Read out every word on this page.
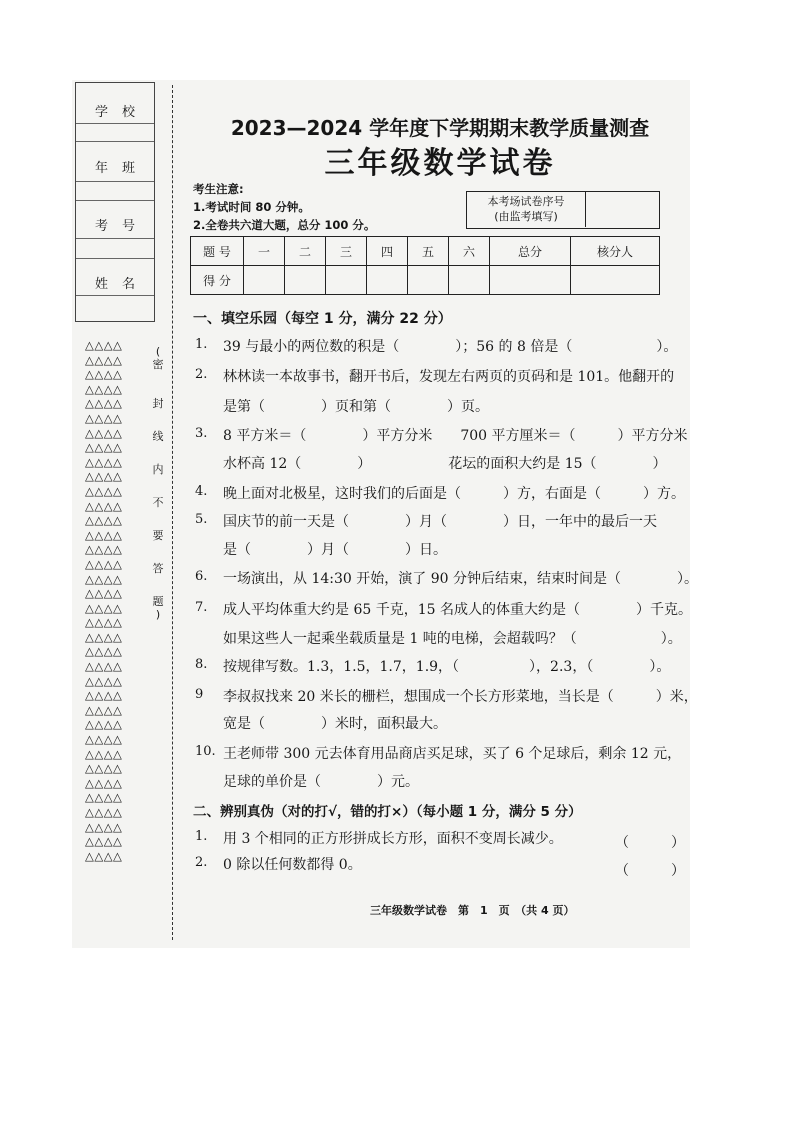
学校
年班
考号
姓名
△△△△
△△△△
△△△△
△△△△
△△△△
△△△△
△△△△
△△△△
△△△△
△△△△
△△△△
△△△△
△△△△
△△△△
△△△△
△△△△
△△△△
△△△△
△△△△
△△△△
△△△△
△△△△
△△△△
△△△△
△△△△
△△△△
△△△△
△△△△
△△△△
△△△△
△△△△
△△△△
△△△△
△△△△
△△△△
△△△△
(
密
封
线
内
不
要
答
题
)
2023—2024 学年度下学期期末教学质量测查
三年级数学试卷
考生注意:
1.考试时间 80 分钟。
2.全卷共六道大题，总分 100 分。
本考场试卷序号
(由监考填写)
题 号	一	二	三	四	五	六	总分	核分人
得 分								
一、填空乐园（每空 1 分，满分 22 分）
1. 39 与最小的两位数的积是（　　　　）；56 的 8 倍是（　　　　　　）。
2. 林林读一本故事书，翻开书后，发现左右两页的页码和是 101。他翻开的
是第（　　　　）页和第（　　　　）页。
3. 8 平方米＝（　　　　）平方分米　　700 平方厘米＝（　　　）平方分米
水杯高 12（　　　　）　　　　　　花坛的面积大约是 15（　　　　）
4. 晚上面对北极星，这时我们的后面是（　　　）方，右面是（　　　）方。
5. 国庆节的前一天是（　　　　）月（　　　　）日，一年中的最后一天
是（　　　　）月（　　　　）日。
6. 一场演出，从 14:30 开始，演了 90 分钟后结束，结束时间是（　　　　）。
7. 成人平均体重大约是 65 千克，15 名成人的体重大约是（　　　　）千克。
如果这些人一起乘坐载质量是 1 吨的电梯，会超载吗？（　　　　　　）。
8. 按规律写数。1.3，1.5，1.7，1.9，（　　　　　），2.3，（　　　　）。
9 李叔叔找来 20 米长的栅栏，想围成一个长方形菜地，当长是（　　　）米，
宽是（　　　　）米时，面积最大。
10. 王老师带 300 元去体育用品商店买足球，买了 6 个足球后，剩余 12 元，
足球的单价是（　　　　）元。
二、辨别真伪（对的打√，错的打×）（每小题 1 分，满分 5 分）
1. 用 3 个相同的正方形拼成长方形，面积不变周长减少。	（　　　）
2. 0 除以任何数都得 0。	（　　　）
三年级数学试卷　第　1　页　（共 4 页）
